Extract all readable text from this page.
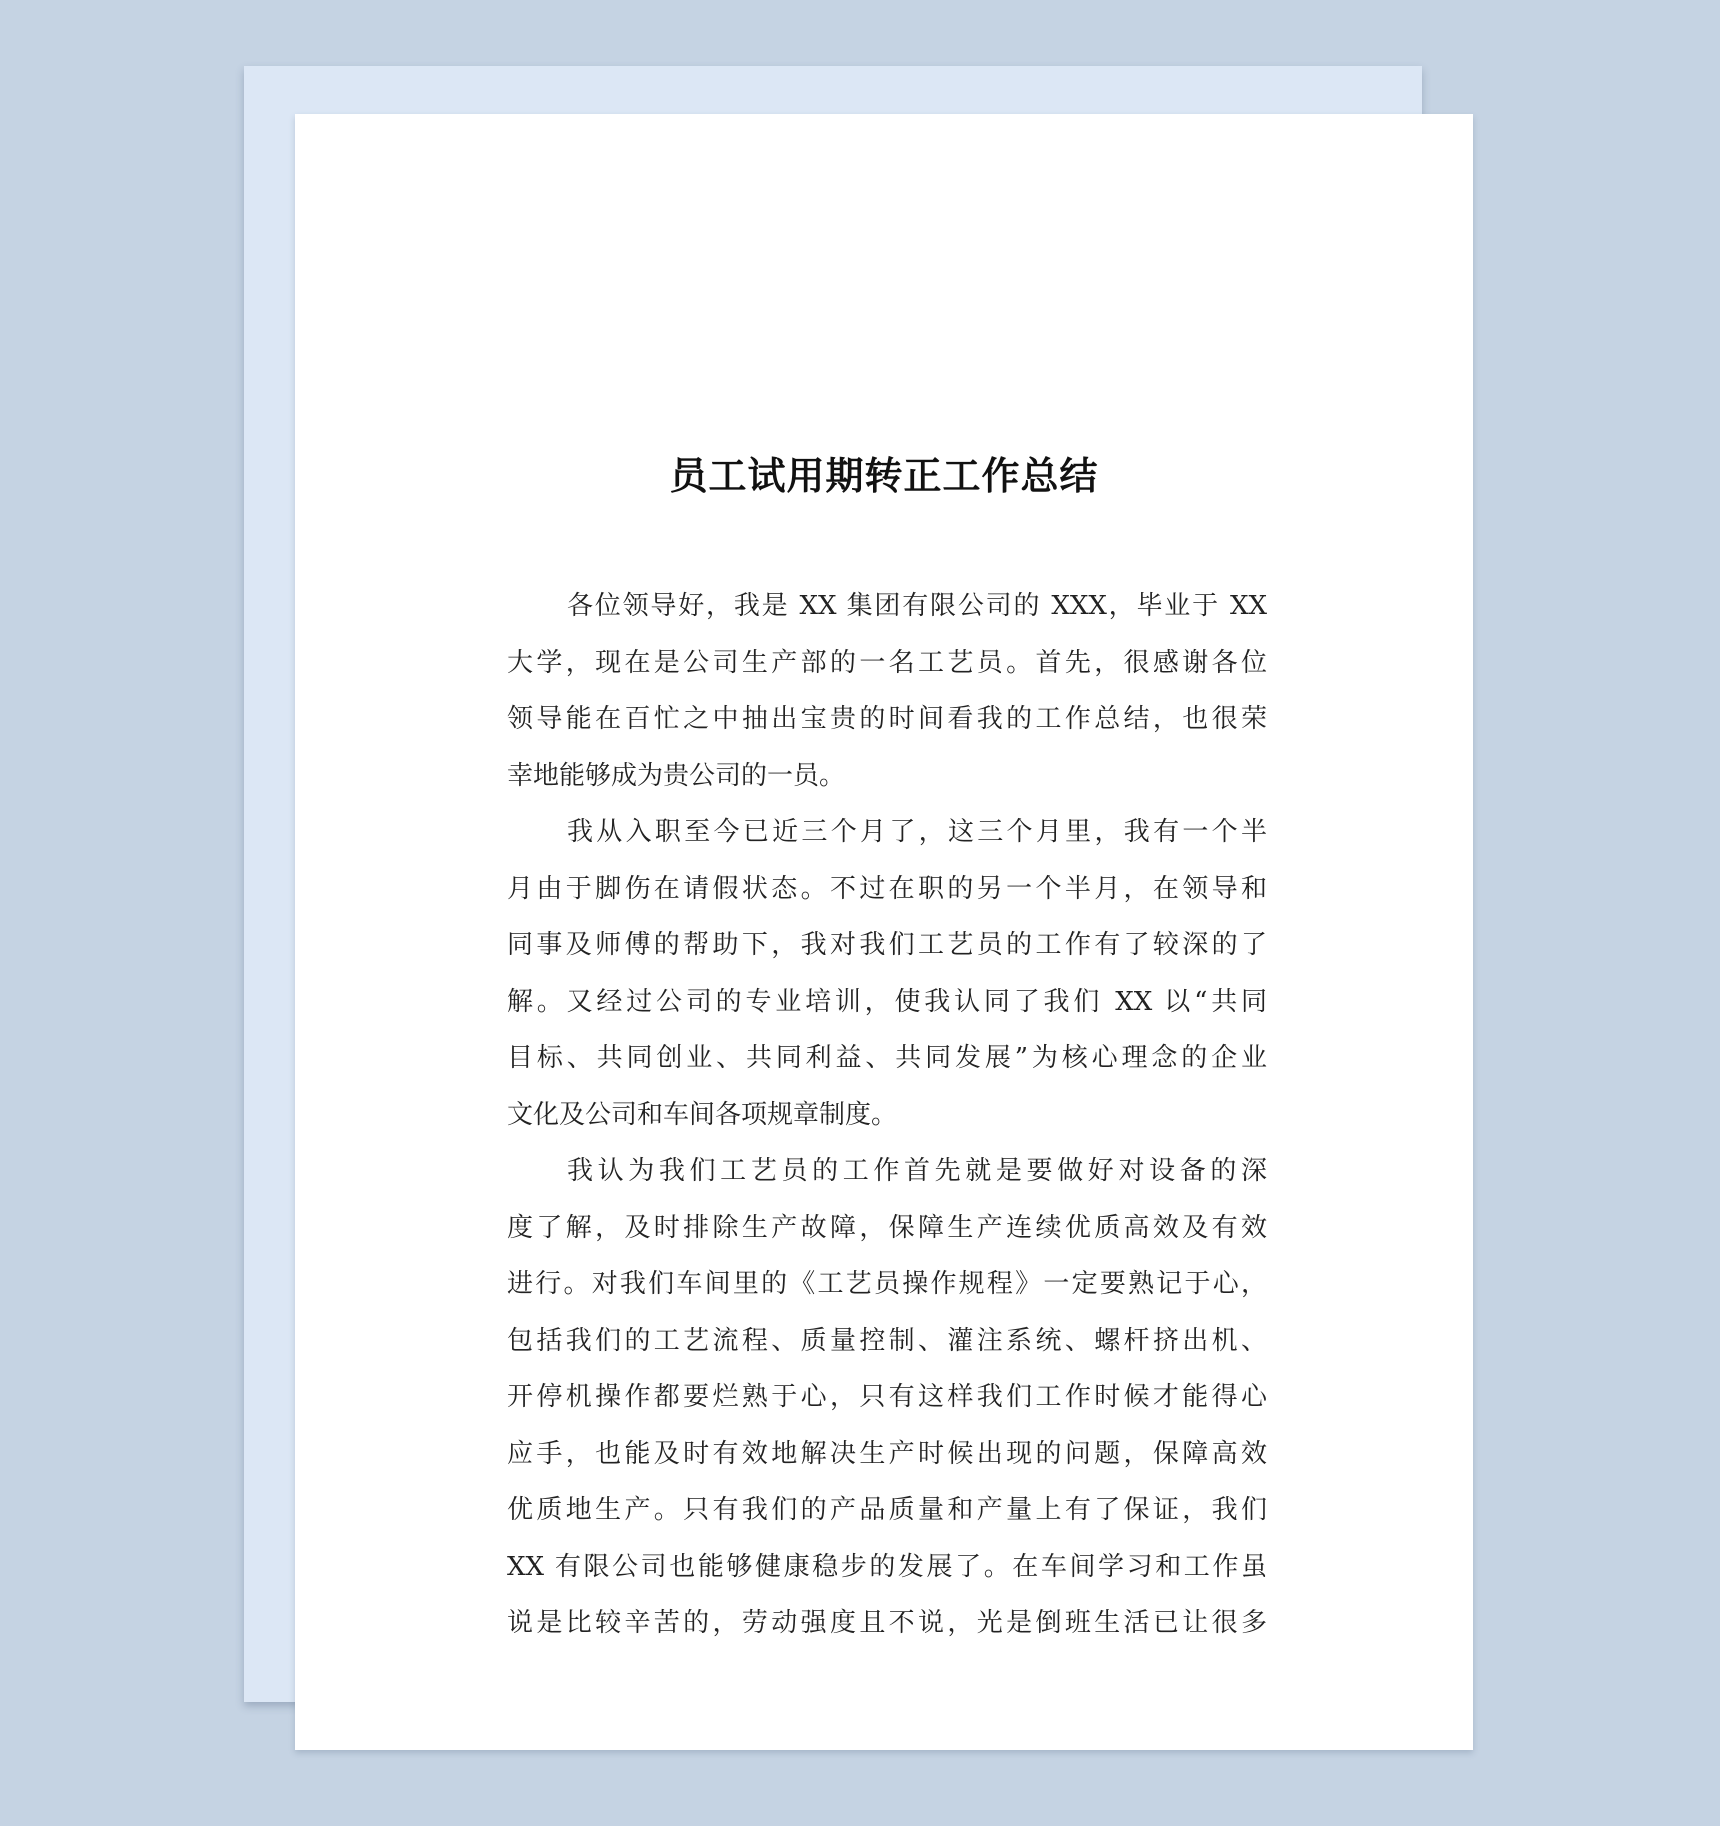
员工试用期转正工作总结

各位领导好，我是 XX 集团有限公司的 XXX，毕业于 XX
大学，现在是公司生产部的一名工艺员。首先，很感谢各位
领导能在百忙之中抽出宝贵的时间看我的工作总结，也很荣
幸地能够成为贵公司的一员。

我从入职至今已近三个月了，这三个月里，我有一个半
月由于脚伤在请假状态。不过在职的另一个半月，在领导和
同事及师傅的帮助下，我对我们工艺员的工作有了较深的了
解。又经过公司的专业培训，使我认同了我们 XX 以“共同
目标、共同创业、共同利益、共同发展”为核心理念的企业
文化及公司和车间各项规章制度。

我认为我们工艺员的工作首先就是要做好对设备的深
度了解，及时排除生产故障，保障生产连续优质高效及有效
进行。对我们车间里的《工艺员操作规程》一定要熟记于心，
包括我们的工艺流程、质量控制、灌注系统、螺杆挤出机、
开停机操作都要烂熟于心，只有这样我们工作时候才能得心
应手，也能及时有效地解决生产时候出现的问题，保障高效
优质地生产。只有我们的产品质量和产量上有了保证，我们
XX 有限公司也能够健康稳步的发展了。在车间学习和工作虽
说是比较辛苦的，劳动强度且不说，光是倒班生活已让很多
